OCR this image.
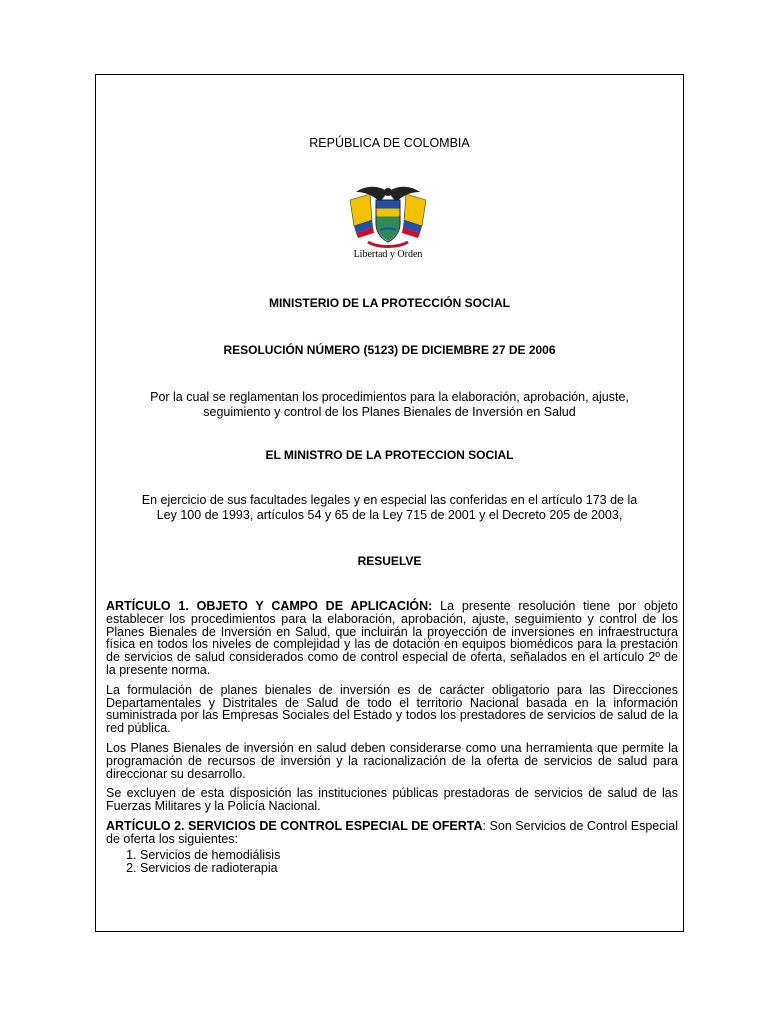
REPÚBLICA DE COLOMBIA
Libertad y Orden
MINISTERIO DE LA PROTECCIÓN SOCIAL
RESOLUCIÓN NÚMERO (5123) DE DICIEMBRE 27 DE 2006
Por la cual se reglamentan los procedimientos para la elaboración, aprobación, ajuste,
seguimiento y control de los Planes Bienales de Inversión en Salud
EL MINISTRO DE LA PROTECCION SOCIAL
En ejercicio de sus facultades legales y en especial las conferidas en el artículo 173 de la
Ley 100 de 1993, artículos 54 y 65 de la Ley 715 de 2001 y el Decreto 205 de 2003,
RESUELVE

ARTÍCULO 1. OBJETO Y CAMPO DE APLICACIÓN: La presente resolución tiene por objeto establecer los procedimientos para la elaboración, aprobación, ajuste, seguimiento y control de los Planes Bienales de Inversión en Salud, que incluirán la proyección de inversiones en infraestructura física en todos los niveles de complejidad y las de dotación en equipos biomédicos para la prestación de servicios de salud considerados como de control especial de oferta, señalados en el artículo 2º de la presente norma.

La formulación de planes bienales de inversión es de carácter obligatorio para las Direcciones Departamentales y Distritales de Salud de todo el territorio Nacional basada en la información suministrada por las Empresas Sociales del Estado y todos los prestadores de servicios de salud de la red pública.

Los Planes Bienales de inversión en salud deben considerarse como una herramienta que permite la programación de recursos de inversión y la racionalización de la oferta de servicios de salud para direccionar su desarrollo.

Se excluyen de esta disposición las instituciones públicas prestadoras de servicios de salud de las Fuerzas Militares y la Policía Nacional.

ARTÍCULO 2. SERVICIOS DE CONTROL ESPECIAL DE OFERTA: Son Servicios de Control Especial de oferta los siguientes:

1. Servicios de hemodiálisis
2. Servicios de radioterapia
